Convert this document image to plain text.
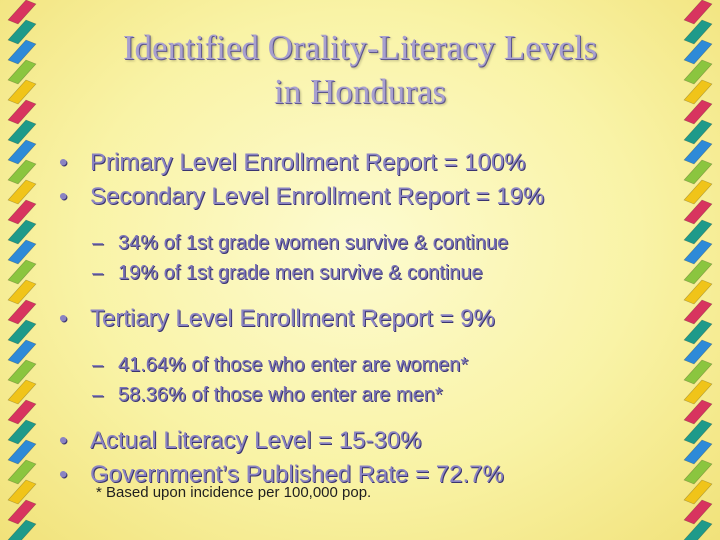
Identified Orality-Literacy Levels
in Honduras
• Primary Level Enrollment Report = 100%
• Secondary Level Enrollment Report = 19%
– 34% of 1st grade women survive & continue
– 19% of 1st grade men survive & continue
• Tertiary Level Enrollment Report = 9%
– 41.64% of those who enter are women*
– 58.36% of those who enter are men*
• Actual Literacy Level = 15-30%
• Government’s Published Rate = 72.7%
* Based upon incidence per 100,000 pop.
